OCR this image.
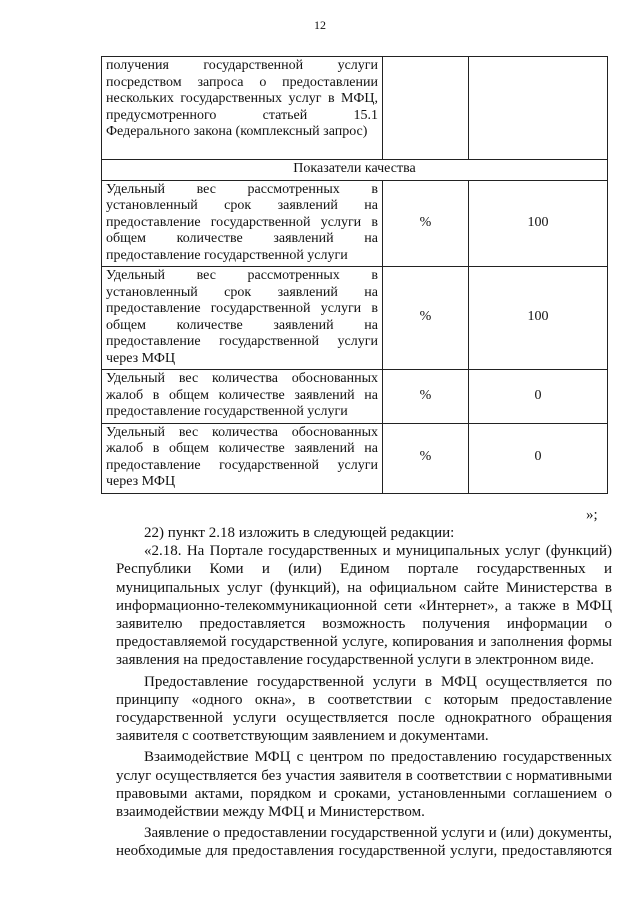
12
получения государственной услуги посредством запроса о предоставлении нескольких государственных услуг в МФЦ, предусмотренного статьей 15.1 Федерального закона (комплексный запрос)		
Показатели качества		
Удельный вес рассмотренных в установленный срок заявлений на предоставление государственной услуги в общем количестве заявлений на предоставление государственной услуги	%	100
Удельный вес рассмотренных в установленный срок заявлений на предоставление государственной услуги в общем количестве заявлений на предоставление государственной услуги через МФЦ	%	100
Удельный вес количества обоснованных жалоб в общем количестве заявлений на предоставление государственной услуги	%	0
Удельный вес количества обоснованных жалоб в общем количестве заявлений на предоставление государственной услуги через МФЦ	%	0
»;

22) пункт 2.18 изложить в следующей редакции:

«2.18. На Портале государственных и муниципальных услуг (функций) Республики Коми и (или) Едином портале государственных и муниципальных услуг (функций), на официальном сайте Министерства в информационно-телекоммуникационной сети «Интернет», а также в МФЦ заявителю предоставляется возможность получения информации о предоставляемой государственной услуге, копирования и заполнения формы заявления на предоставление государственной услуги в электронном виде.

Предоставление государственной услуги в МФЦ осуществляется по принципу «одного окна», в соответствии с которым предоставление государственной услуги осуществляется после однократного обращения заявителя с соответствующим заявлением и документами.

Взаимодействие МФЦ с центром по предоставлению государственных услуг осуществляется без участия заявителя в соответствии с нормативными правовыми актами, порядком и сроками, установленными соглашением о взаимодействии между МФЦ и Министерством.

Заявление о предоставлении государственной услуги и (или) документы, необходимые для предоставления государственной услуги, предоставляются
